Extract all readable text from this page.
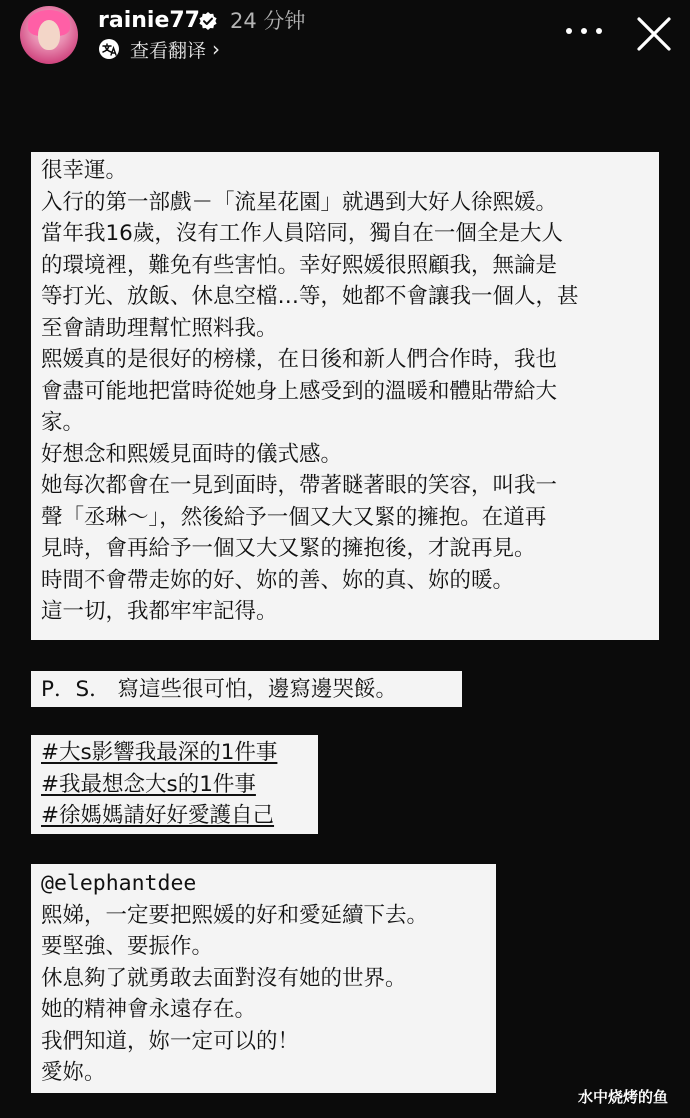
rainie77 24 分钟
查看翻译 ›
很幸運。
入行的第一部戲－「流星花園」就遇到大好人徐熙媛。
當年我16歲，沒有工作人員陪同，獨自在一個全是大人
的環境裡，難免有些害怕。幸好熙媛很照顧我，無論是
等打光、放飯、休息空檔…等，她都不會讓我一個人，甚
至會請助理幫忙照料我。
熙媛真的是很好的榜樣，在日後和新人們合作時，我也
會盡可能地把當時從她身上感受到的溫暖和體貼帶給大
家。
好想念和熙媛見面時的儀式感。
她每次都會在一見到面時，帶著瞇著眼的笑容，叫我一
聲「丞琳～」，然後給予一個又大又緊的擁抱。在道再
見時，會再給予一個又大又緊的擁抱後，才說再見。
時間不會帶走妳的好、妳的善、妳的真、妳的暖。
這一切，我都牢牢記得。
P．S． 寫這些很可怕，邊寫邊哭餒。
#大s影響我最深的1件事
#我最想念大s的1件事
#徐媽媽請好好愛護自己
@elephantdee
熙娣，一定要把熙媛的好和愛延續下去。
要堅強、要振作。
休息夠了就勇敢去面對沒有她的世界。
她的精神會永遠存在。
我們知道，妳一定可以的！
愛妳。
水中烧烤的鱼
